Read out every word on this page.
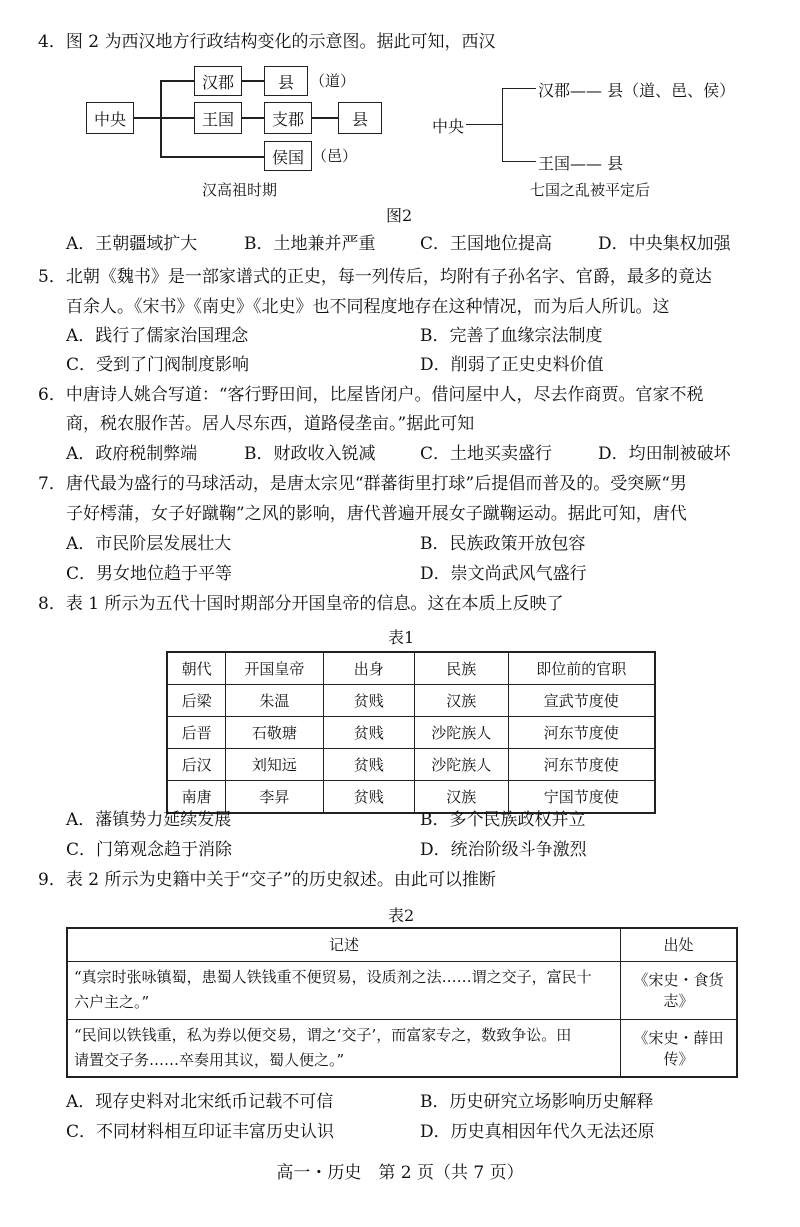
4．图 2 为西汉地方行政结构变化的示意图。据此可知，西汉
中央
汉郡	县 （道）
王国 支郡	县
侯国 （邑）
汉高祖时期
中央
汉郡—— 县（道、邑、侯）
王国—— 县
七国之乱被平定后
图2
A．王朝疆域扩大	B．土地兼并严重	C．王国地位提高	D．中央集权加强
5．北朝《魏书》是一部家谱式的正史，每一列传后，均附有子孙名字、官爵，最多的竟达
百余人。《宋书》《南史》《北史》也不同程度地存在这种情况，而为后人所讥。这
A．践行了儒家治国理念	B．完善了血缘宗法制度
C．受到了门阀制度影响	D．削弱了正史史料价值
6．中唐诗人姚合写道：“客行野田间，比屋皆闭户。借问屋中人，尽去作商贾。官家不税
商，税农服作苦。居人尽东西，道路侵垄亩。”据此可知
A．政府税制弊端	B．财政收入锐减	C．土地买卖盛行	D．均田制被破坏
7．唐代最为盛行的马球活动，是唐太宗见“群蕃街里打球”后提倡而普及的。受突厥“男
子好樗蒲，女子好蹴鞠”之风的影响，唐代普遍开展女子蹴鞠运动。据此可知，唐代
A．市民阶层发展壮大	B．民族政策开放包容
C．男女地位趋于平等	D．崇文尚武风气盛行
8．表 1 所示为五代十国时期部分开国皇帝的信息。这在本质上反映了
表1
朝代	开国皇帝	出身	民族	即位前的官职
后梁	朱温	贫贱	汉族	宣武节度使
后晋	石敬瑭	贫贱	沙陀族人	河东节度使
后汉	刘知远	贫贱	沙陀族人	河东节度使
南唐	李昇	贫贱	汉族	宁国节度使
A．藩镇势力延续发展	B．多个民族政权并立
C．门第观念趋于消除	D．统治阶级斗争激烈
9．表 2 所示为史籍中关于“交子”的历史叙述。由此可以推断
表2
记述	出处

“真宗时张咏镇蜀，患蜀人铁钱重不便贸易，设质剂之法……谓之交子，富民十
六户主之。”	《宋史・食货志》

“民间以铁钱重，私为券以便交易，谓之‘交子’，而富家专之，数致争讼。田
请置交子务……卒奏用其议，蜀人便之。”	《宋史・薛田传》
A．现存史料对北宋纸币记载不可信	B．历史研究立场影响历史解释
C．不同材料相互印证丰富历史认识	D．历史真相因年代久无法还原
高一・历史　第 2 页（共 7 页）
